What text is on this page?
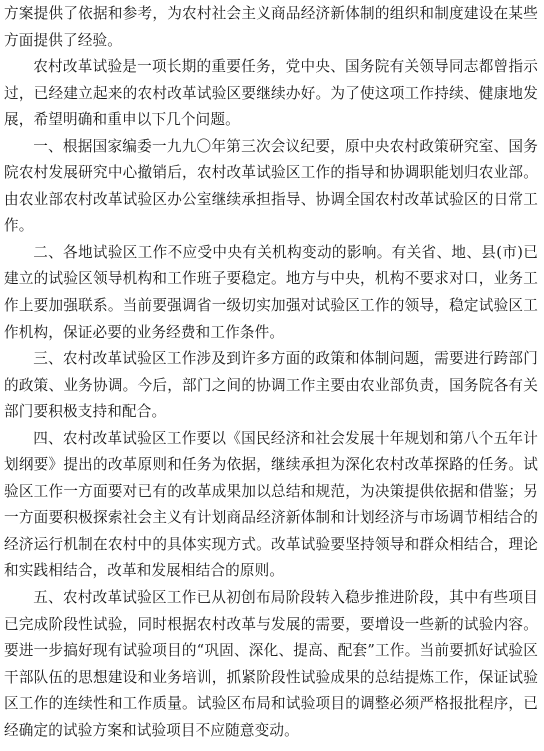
方案提供了依据和参考，为农村社会主义商品经济新体制的组织和制度建设在某些方面提供了经验。

农村改革试验是一项长期的重要任务，党中央、国务院有关领导同志都曾指示过，已经建立起来的农村改革试验区要继续办好。为了使这项工作持续、健康地发展，希望明确和重申以下几个问题。

一、根据国家编委一九九〇年第三次会议纪要，原中央农村政策研究室、国务院农村发展研究中心撤销后，农村改革试验区工作的指导和协调职能划归农业部。由农业部农村改革试验区办公室继续承担指导、协调全国农村改革试验区的日常工作。

二、各地试验区工作不应受中央有关机构变动的影响。有关省、地、县(市)已建立的试验区领导机构和工作班子要稳定。地方与中央，机构不要求对口，业务工作上要加强联系。当前要强调省一级切实加强对试验区工作的领导，稳定试验区工作机构，保证必要的业务经费和工作条件。

三、农村改革试验区工作涉及到许多方面的政策和体制问题，需要进行跨部门的政策、业务协调。今后，部门之间的协调工作主要由农业部负责，国务院各有关部门要积极支持和配合。

四、农村改革试验区工作要以《国民经济和社会发展十年规划和第八个五年计划纲要》提出的改革原则和任务为依据，继续承担为深化农村改革探路的任务。试验区工作一方面要对已有的改革成果加以总结和规范，为决策提供依据和借鉴；另一方面要积极探索社会主义有计划商品经济新体制和计划经济与市场调节相结合的经济运行机制在农村中的具体实现方式。改革试验要坚持领导和群众相结合，理论和实践相结合，改革和发展相结合的原则。

五、农村改革试验区工作已从初创布局阶段转入稳步推进阶段，其中有些项目已完成阶段性试验，同时根据农村改革与发展的需要，要增设一些新的试验内容。要进一步搞好现有试验项目的“巩固、深化、提高、配套”工作。当前要抓好试验区干部队伍的思想建设和业务培训，抓紧阶段性试验成果的总结提炼工作，保证试验区工作的连续性和工作质量。试验区布局和试验项目的调整必须严格报批程序，已经确定的试验方案和试验项目不应随意变动。
